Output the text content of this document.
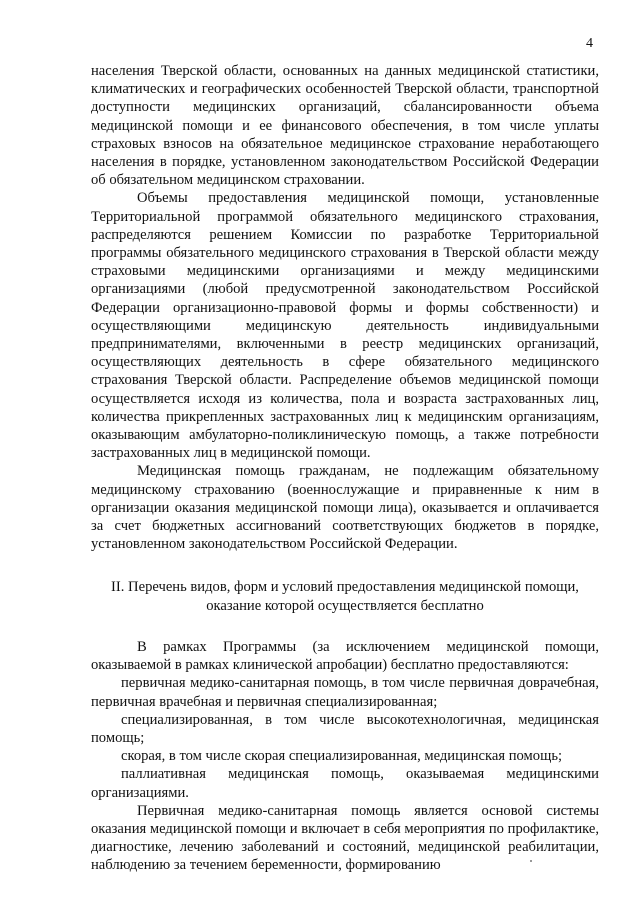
4

населения Тверской области, основанных на данных медицинской статистики, климатических и географических особенностей Тверской области, транспортной доступности медицинских организаций, сбалансированности объема медицинской помощи и ее финансового обеспечения, в том числе уплаты страховых взносов на обязательное медицинское страхование неработающего населения в порядке, установленном законодательством Российской Федерации об обязательном медицинском страховании.

Объемы предоставления медицинской помощи, установленные Территориальной программой обязательного медицинского страхования, распределяются решением Комиссии по разработке Территориальной программы обязательного медицинского страхования в Тверской области между страховыми медицинскими организациями и между медицинскими организациями (любой предусмотренной законодательством Российской Федерации организационно-правовой формы и формы собственности) и осуществляющими медицинскую деятельность индивидуальными предпринимателями, включенными в реестр медицинских организаций, осуществляющих деятельность в сфере обязательного медицинского страхования Тверской области. Распределение объемов медицинской помощи осуществляется исходя из количества, пола и возраста застрахованных лиц, количества прикрепленных застрахованных лиц к медицинским организациям, оказывающим амбулаторно-поликлиническую помощь, а также потребности застрахованных лиц в медицинской помощи.

Медицинская помощь гражданам, не подлежащим обязательному медицинскому страхованию (военнослужащие и приравненные к ним в организации оказания медицинской помощи лица), оказывается и оплачивается за счет бюджетных ассигнований соответствующих бюджетов в порядке, установленном законодательством Российской Федерации.

II. Перечень видов, форм и условий предоставления медицинской помощи,
оказание которой осуществляется бесплатно

В рамках Программы (за исключением медицинской помощи, оказываемой в рамках клинической апробации) бесплатно предоставляются:

первичная медико-санитарная помощь, в том числе первичная доврачебная, первичная врачебная и первичная специализированная;

специализированная, в том числе высокотехнологичная, медицинская помощь;

скорая, в том числе скорая специализированная, медицинская помощь;

паллиативная медицинская помощь, оказываемая медицинскими организациями.

Первичная медико-санитарная помощь является основой системы оказания медицинской помощи и включает в себя мероприятия по профилактике, диагностике, лечению заболеваний и состояний, медицинской реабилитации, наблюдению за течением беременности, формированию
